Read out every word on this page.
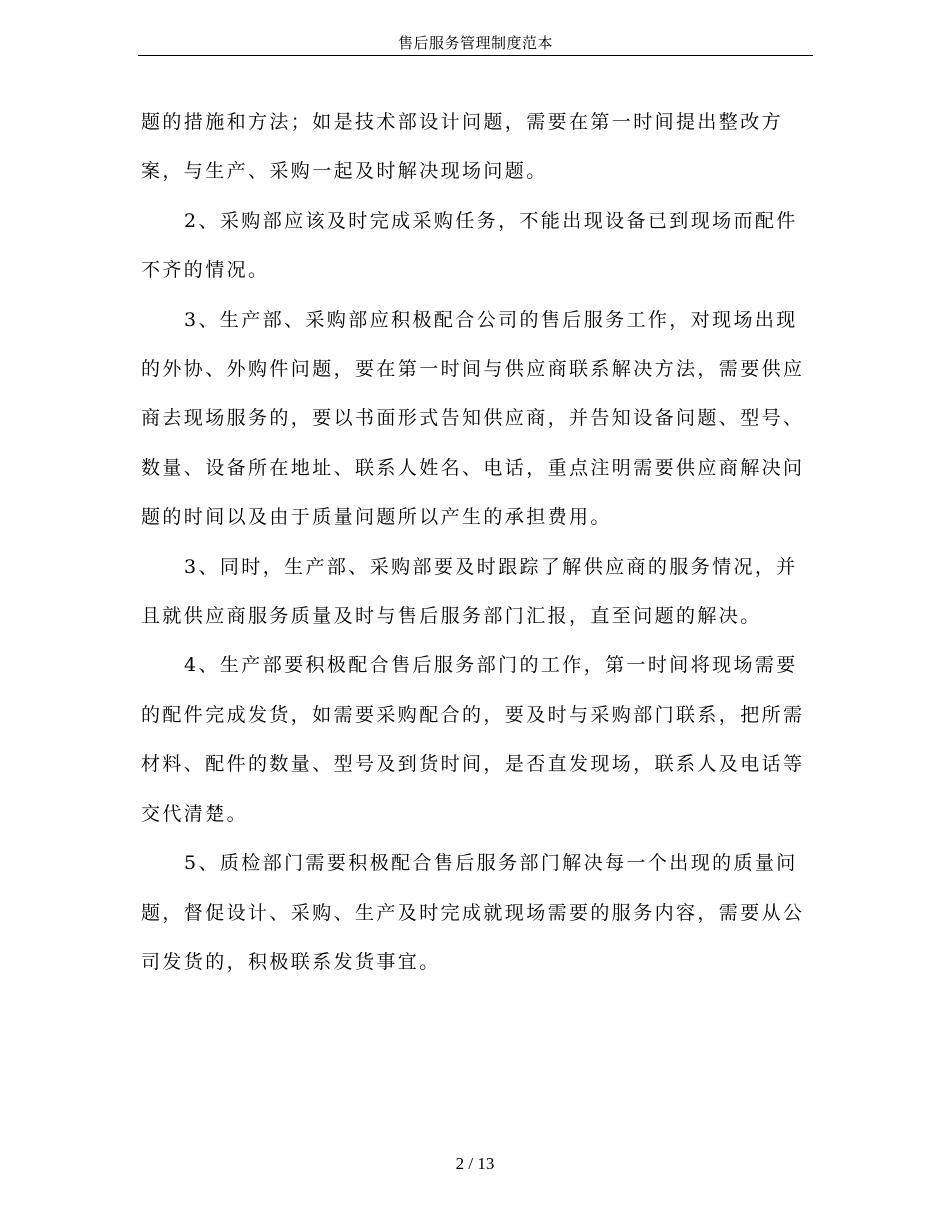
售后服务管理制度范本

题的措施和方法；如是技术部设计问题，需要在第一时间提出整改方案，与生产、采购一起及时解决现场问题。

2、采购部应该及时完成采购任务，不能出现设备已到现场而配件不齐的情况。

3、生产部、采购部应积极配合公司的售后服务工作，对现场出现的外协、外购件问题，要在第一时间与供应商联系解决方法，需要供应商去现场服务的，要以书面形式告知供应商，并告知设备问题、型号、数量、设备所在地址、联系人姓名、电话，重点注明需要供应商解决问题的时间以及由于质量问题所以产生的承担费用。

3、同时，生产部、采购部要及时跟踪了解供应商的服务情况，并且就供应商服务质量及时与售后服务部门汇报，直至问题的解决。

4、生产部要积极配合售后服务部门的工作，第一时间将现场需要的配件完成发货，如需要采购配合的，要及时与采购部门联系，把所需材料、配件的数量、型号及到货时间，是否直发现场，联系人及电话等交代清楚。

5、质检部门需要积极配合售后服务部门解决每一个出现的质量问题，督促设计、采购、生产及时完成就现场需要的服务内容，需要从公司发货的，积极联系发货事宜。

2 / 13
